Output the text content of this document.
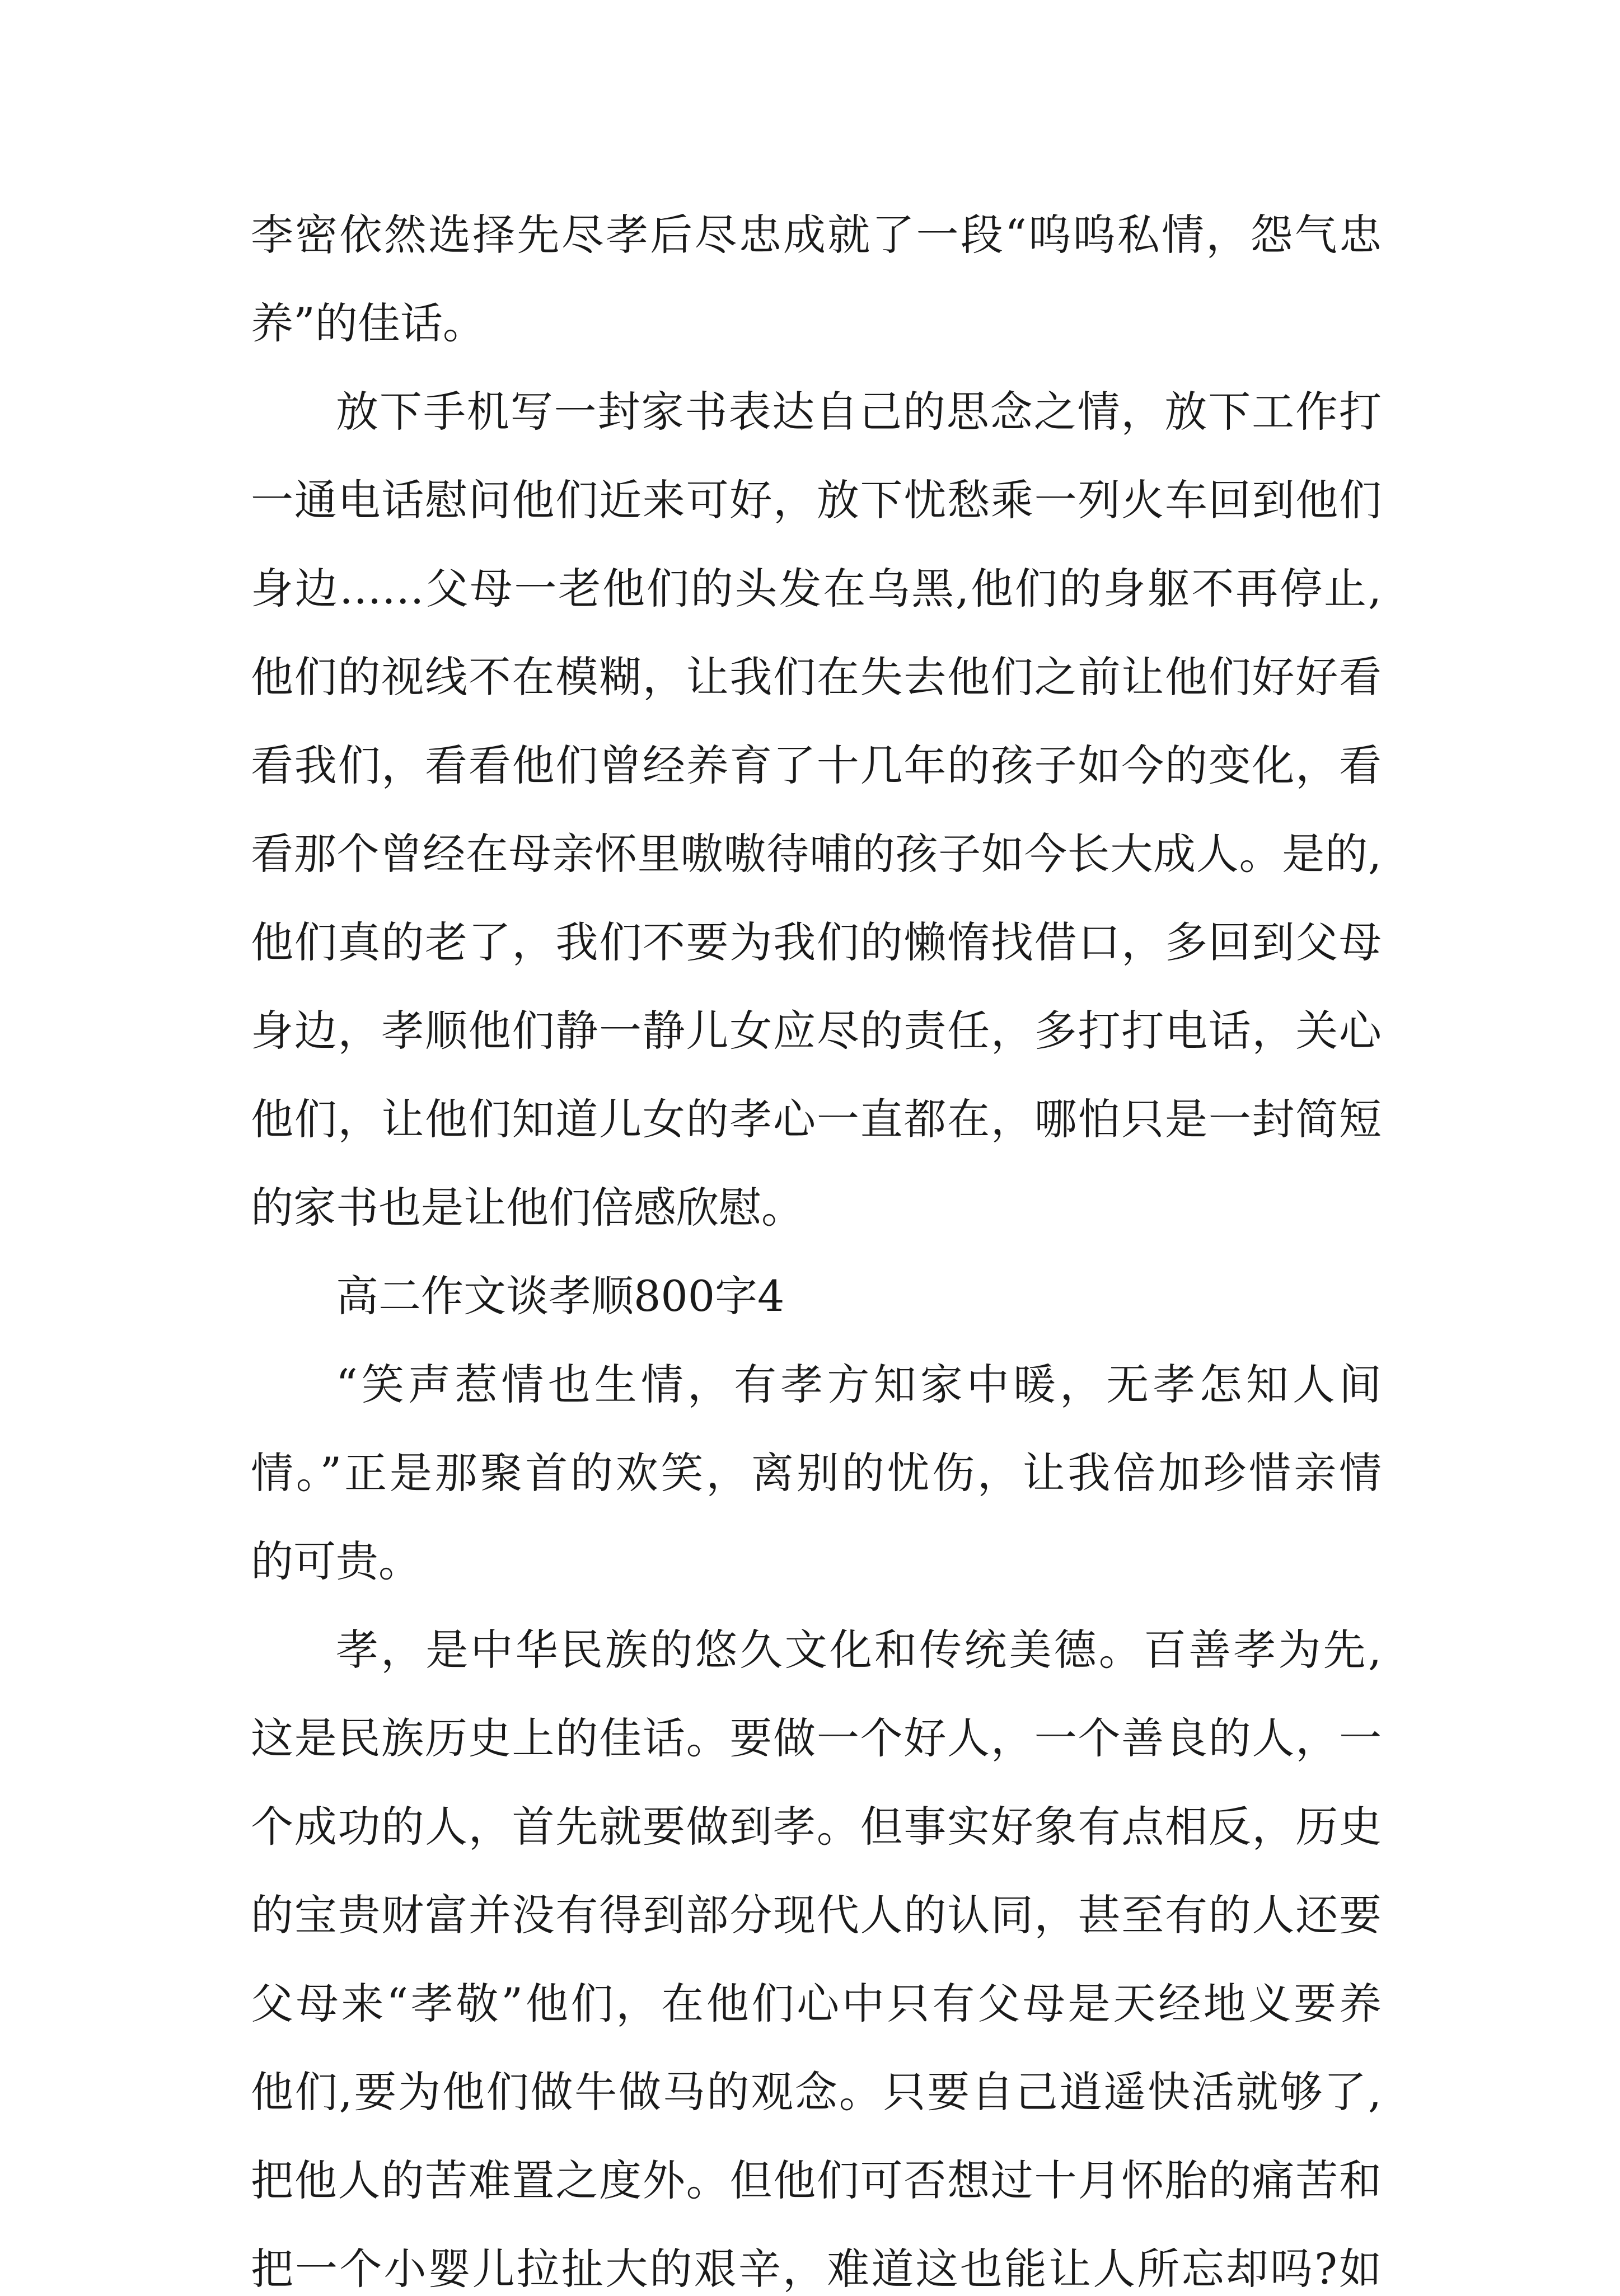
李密依然选择先尽孝后尽忠成就了一段“呜呜私情，怨气忠
养”的佳话。
放下手机写一封家书表达自己的思念之情，放下工作打
一通电话慰问他们近来可好，放下忧愁乘一列火车回到他们
身边……父母一老他们的头发在乌黑,他们的身躯不再停止,
他们的视线不在模糊，让我们在失去他们之前让他们好好看
看我们，看看他们曾经养育了十几年的孩子如今的变化，看
看那个曾经在母亲怀里嗷嗷待哺的孩子如今长大成人。是的,
他们真的老了，我们不要为我们的懒惰找借口，多回到父母
身边，孝顺他们静一静儿女应尽的责任，多打打电话，关心
他们，让他们知道儿女的孝心一直都在，哪怕只是一封简短
的家书也是让他们倍感欣慰。
高二作文谈孝顺800字4
“笑声惹情也生情，有孝方知家中暖，无孝怎知人间
情。”正是那聚首的欢笑，离别的忧伤，让我倍加珍惜亲情
的可贵。
孝，是中华民族的悠久文化和传统美德。百善孝为先,
这是民族历史上的佳话。要做一个好人，一个善良的人，一
个成功的人，首先就要做到孝。但事实好象有点相反，历史
的宝贵财富并没有得到部分现代人的认同，甚至有的人还要
父母来“孝敬”他们，在他们心中只有父母是天经地义要养
他们,要为他们做牛做马的观念。只要自己逍遥快活就够了,
把他人的苦难置之度外。但他们可否想过十月怀胎的痛苦和
把一个小婴儿拉扯大的艰辛，难道这也能让人所忘却吗?如
